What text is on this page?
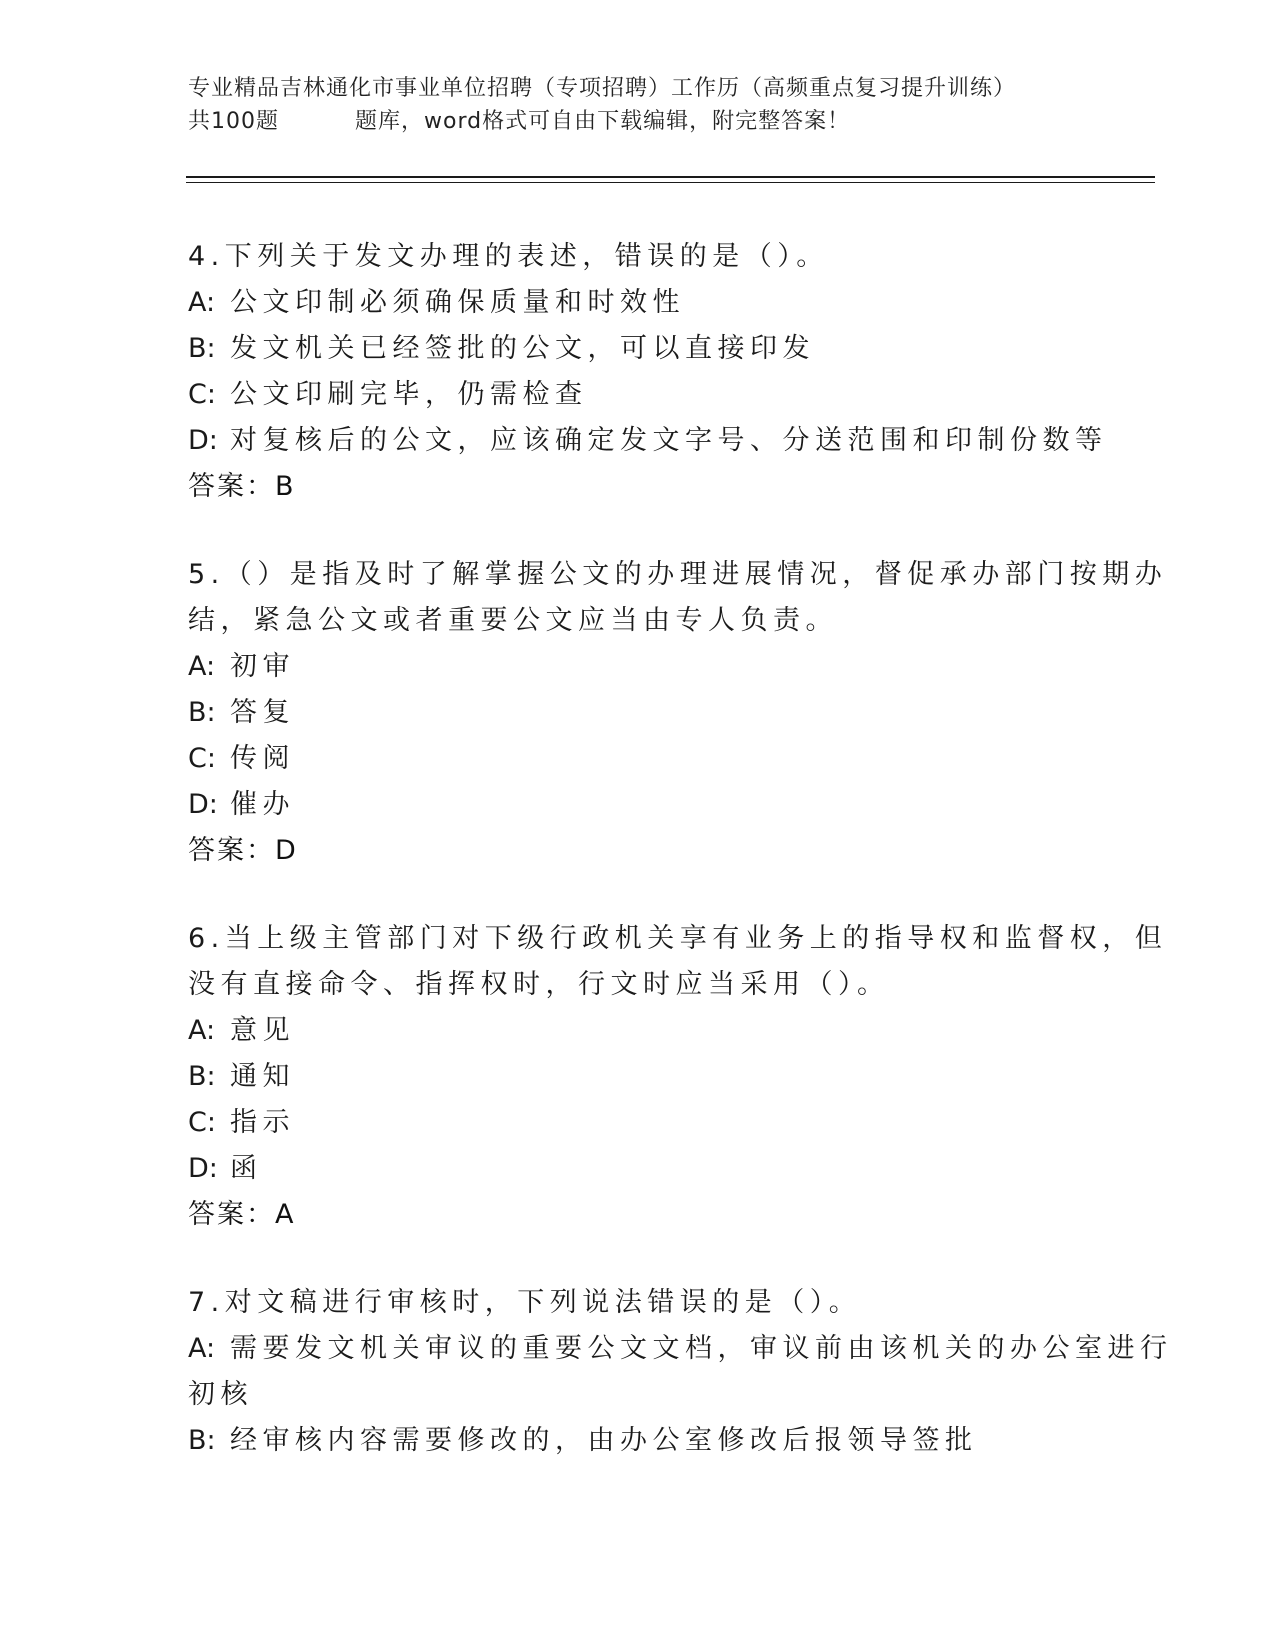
专业精品吉林通化市事业单位招聘（专项招聘）工作历（高频重点复习提升训练）
共100题	题库，word格式可自由下载编辑，附完整答案！
4.下列关于发文办理的表述，错误的是（）。
A: 公文印制必须确保质量和时效性
B: 发文机关已经签批的公文，可以直接印发
C: 公文印刷完毕，仍需检查
D: 对复核后的公文，应该确定发文字号、分送范围和印制份数等
答案：B
5.（）是指及时了解掌握公文的办理进展情况，督促承办部门按期办
结，紧急公文或者重要公文应当由专人负责。
A: 初审
B: 答复
C: 传阅
D: 催办
答案：D
6.当上级主管部门对下级行政机关享有业务上的指导权和监督权，但
没有直接命令、指挥权时，行文时应当采用（）。
A: 意见
B: 通知
C: 指示
D: 函
答案：A
7.对文稿进行审核时，下列说法错误的是（）。
A: 需要发文机关审议的重要公文文档，审议前由该机关的办公室进行
初核
B: 经审核内容需要修改的，由办公室修改后报领导签批
